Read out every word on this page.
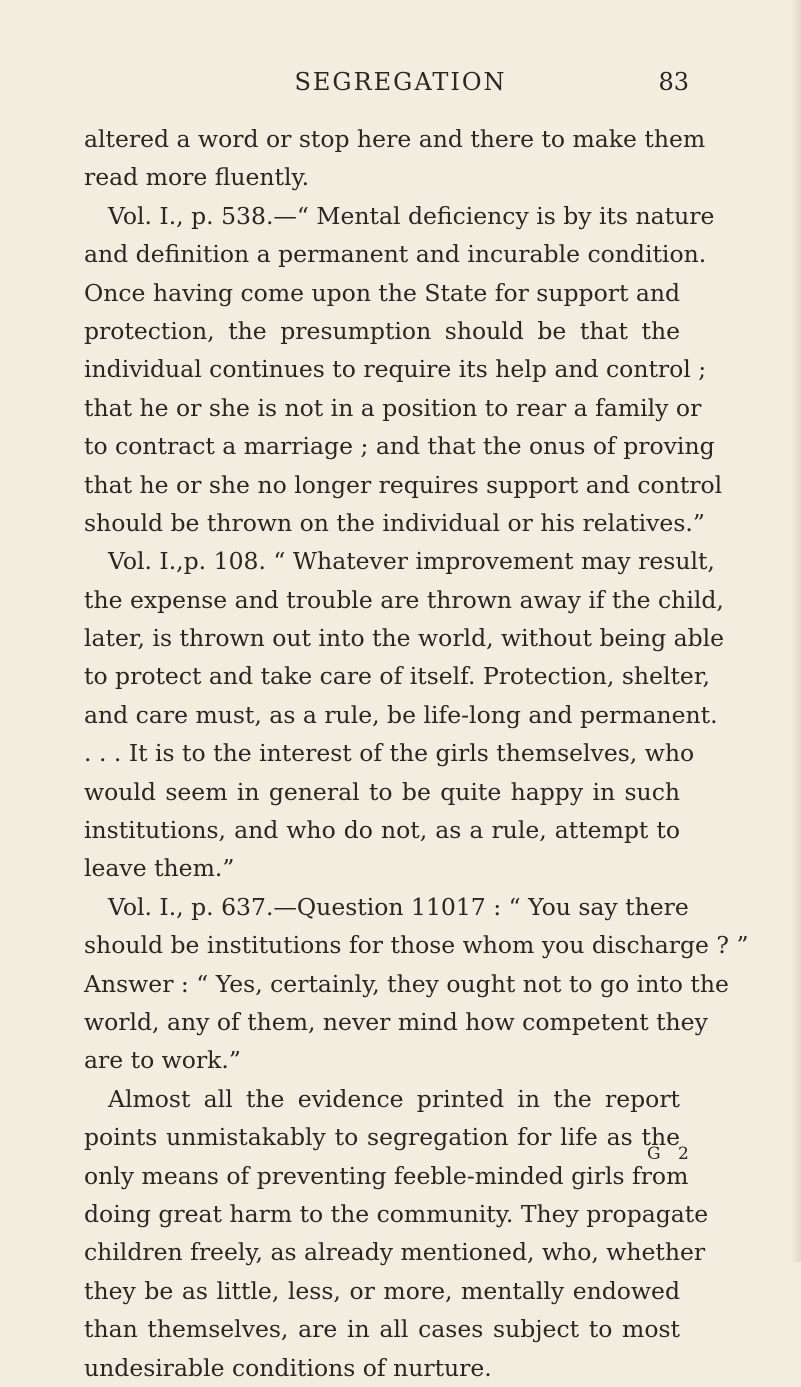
SEGREGATION	83
altered a word or stop here and there to make them
read more fluently.
Vol. I., p. 538.—“ Mental deficiency is by its nature
and definition a permanent and incurable condition.
Once having come upon the State for support and
protection, the presumption should be that the
individual continues to require its help and control ;
that he or she is not in a position to rear a family or
to contract a marriage ; and that the onus of proving
that he or she no longer requires support and control
should be thrown on the individual or his relatives.”
Vol. I.,p. 108. “ Whatever improvement may result,
the expense and trouble are thrown away if the child,
later, is thrown out into the world, without being able
to protect and take care of itself. Protection, shelter,
and care must, as a rule, be life-long and permanent.
. . . It is to the interest of the girls themselves, who
would seem in general to be quite happy in such
institutions, and who do not, as a rule, attempt to
leave them.”
Vol. I., p. 637.—Question 11017 : “ You say there
should be institutions for those whom you discharge ? ”
Answer : “ Yes, certainly, they ought not to go into the
world, any of them, never mind how competent they
are to work.”
Almost all the evidence printed in the report
points unmistakably to segregation for life as the
only means of preventing feeble-minded girls from
doing great harm to the community. They propagate
children freely, as already mentioned, who, whether
they be as little, less, or more, mentally endowed
than themselves, are in all cases subject to most
undesirable conditions of nurture.
G 2
